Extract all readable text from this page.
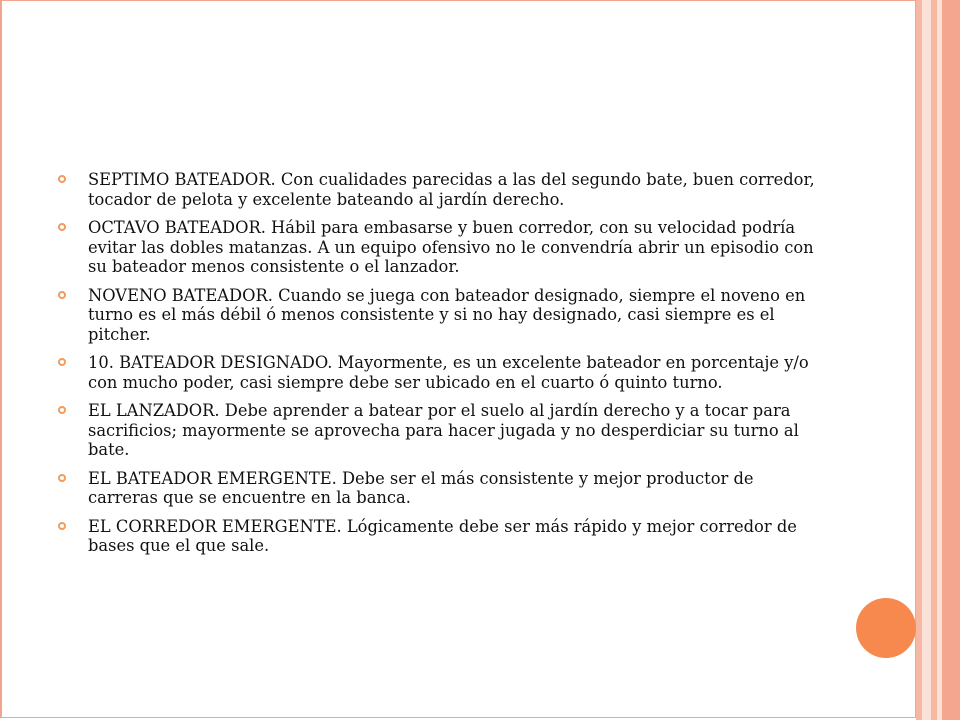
SEPTIMO BATEADOR. Con cualidades parecidas a las del segundo bate, buen corredor, tocador de pelota y excelente bateando al jardín derecho.
OCTAVO BATEADOR. Hábil para embasarse y buen corredor, con su velocidad podría evitar las dobles matanzas. A un equipo ofensivo no le convendría abrir un episodio con su bateador menos consistente o el lanzador.
NOVENO BATEADOR. Cuando se juega con bateador designado, siempre el noveno en turno es el más débil ó menos consistente y si no hay designado, casi siempre es el pitcher.
10. BATEADOR DESIGNADO. Mayormente, es un excelente bateador en porcentaje y/o con mucho poder, casi siempre debe ser ubicado en el cuarto ó quinto turno.
EL LANZADOR. Debe aprender a batear por el suelo al jardín derecho y a tocar para sacrificios; mayormente se aprovecha para hacer jugada y no desperdiciar su turno al bate.
EL BATEADOR EMERGENTE. Debe ser el más consistente y mejor productor de carreras que se encuentre en la banca.
EL CORREDOR EMERGENTE. Lógicamente debe ser más rápido y mejor corredor de bases que el que sale.
